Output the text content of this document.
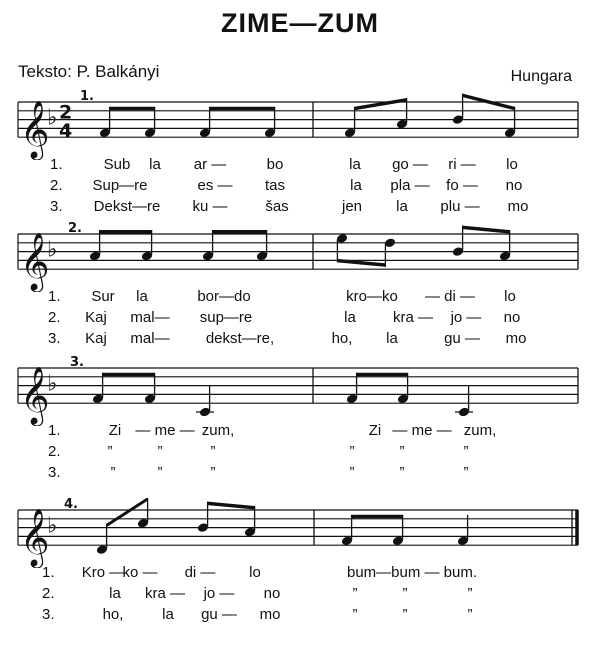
ZIME—ZUM
Teksto: P. Balkányi	Hungara
𝄞
♭ 2
4
1.
1.	Sub la ar —	bo	la go — ri — lo
2. Sup—re	es — tas	la pla — fo — no
3. Dekst—re ku —	šas	jen la plu — mo
𝄞
♭
2.
1. Sur la	bor—do	kro—ko — di — lo
2. Kaj mal— sup—re	la kra — jo — no
3. Kaj mal— dekst—re,	ho, la	gu — mo
𝄞
♭
3.
1.	Zi — me — zum,	Zi — me — zum,
2.	”	”	”	”	”	”
3.	”	”	”	”	”	”
𝄞
♭
4.
1. Kro —
ko — di — lo	bum—bum — bum.
2.	la kra — jo — no	”	”	”
3.	ho,	la gu — mo	”	”	”
